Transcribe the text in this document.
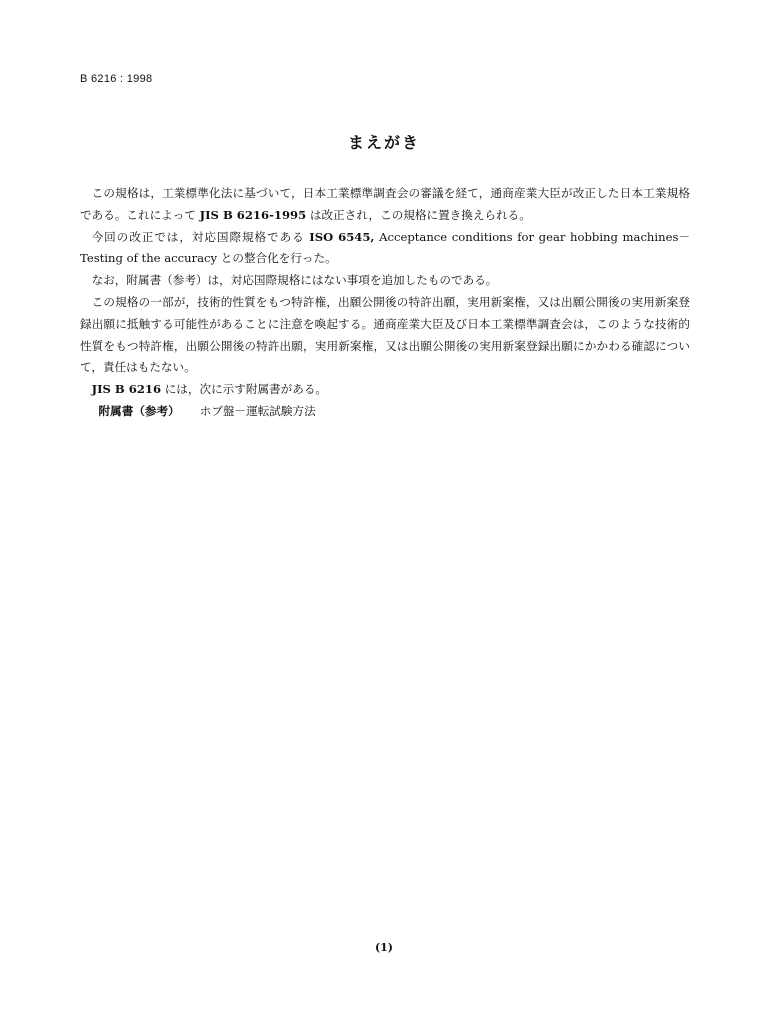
B 6216 : 1998
まえがき

この規格は，工業標準化法に基づいて，日本工業標準調査会の審議を経て，通商産業大臣が改正した日本工業規格である。これによって JIS B 6216-1995 は改正され，この規格に置き換えられる。

今回の改正では，対応国際規格である ISO 6545, Acceptance conditions for gear hobbing machines－Testing of the accuracy との整合化を行った。

なお，附属書（参考）は，対応国際規格にはない事項を追加したものである。

この規格の一部が，技術的性質をもつ特許権，出願公開後の特許出願，実用新案権，又は出願公開後の実用新案登録出願に抵触する可能性があることに注意を喚起する。通商産業大臣及び日本工業標準調査会は，このような技術的性質をもつ特許権，出願公開後の特許出願，実用新案権，又は出願公開後の実用新案登録出願にかかわる確認について，責任はもたない。

JIS B 6216 には，次に示す附属書がある。

附属書（参考） ホブ盤－運転試験方法

(1)
